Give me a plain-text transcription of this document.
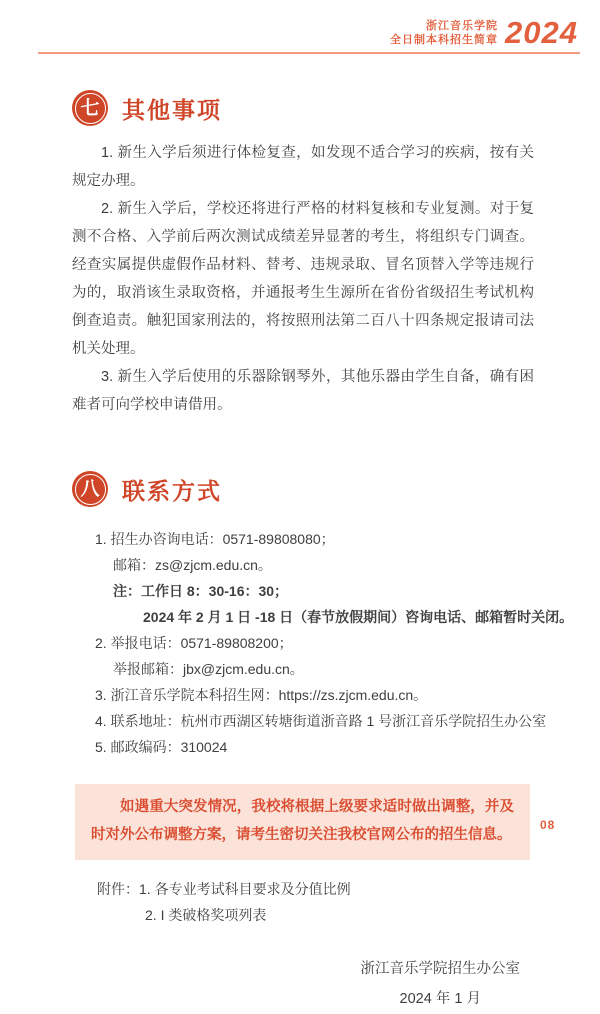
浙江音乐学院
全日制本科招生简章 2024
七 其他事项

1. 新生入学后须进行体检复查，如发现不适合学习的疾病，按有关规定办理。

2. 新生入学后，学校还将进行严格的材料复核和专业复测。对于复测不合格、入学前后两次测试成绩差异显著的考生，将组织专门调查。经查实属提供虚假作品材料、替考、违规录取、冒名顶替入学等违规行为的，取消该生录取资格，并通报考生生源所在省份省级招生考试机构倒查追责。触犯国家刑法的，将按照刑法第二百八十四条规定报请司法机关处理。

3. 新生入学后使用的乐器除钢琴外，其他乐器由学生自备，确有困难者可向学校申请借用。

八 联系方式
1. 招生办咨询电话：0571-89808080；
邮箱：zs@zjcm.edu.cn。
注：工作日 8：30-16：30；
2024 年 2 月 1 日 -18 日（春节放假期间）咨询电话、邮箱暂时关闭。
2. 举报电话：0571-89808200；
举报邮箱：jbx@zjcm.edu.cn。
3. 浙江音乐学院本科招生网：https://zs.zjcm.edu.cn。
4. 联系地址：杭州市西湖区转塘街道浙音路 1 号浙江音乐学院招生办公室
5. 邮政编码：310024

如遇重大突发情况，我校将根据上级要求适时做出调整，并及时对外公布调整方案，请考生密切关注我校官网公布的招生信息。

附件：1. 各专业考试科目要求及分值比例
2. I 类破格奖项列表
浙江音乐学院招生办公室
2024 年 1 月
08
